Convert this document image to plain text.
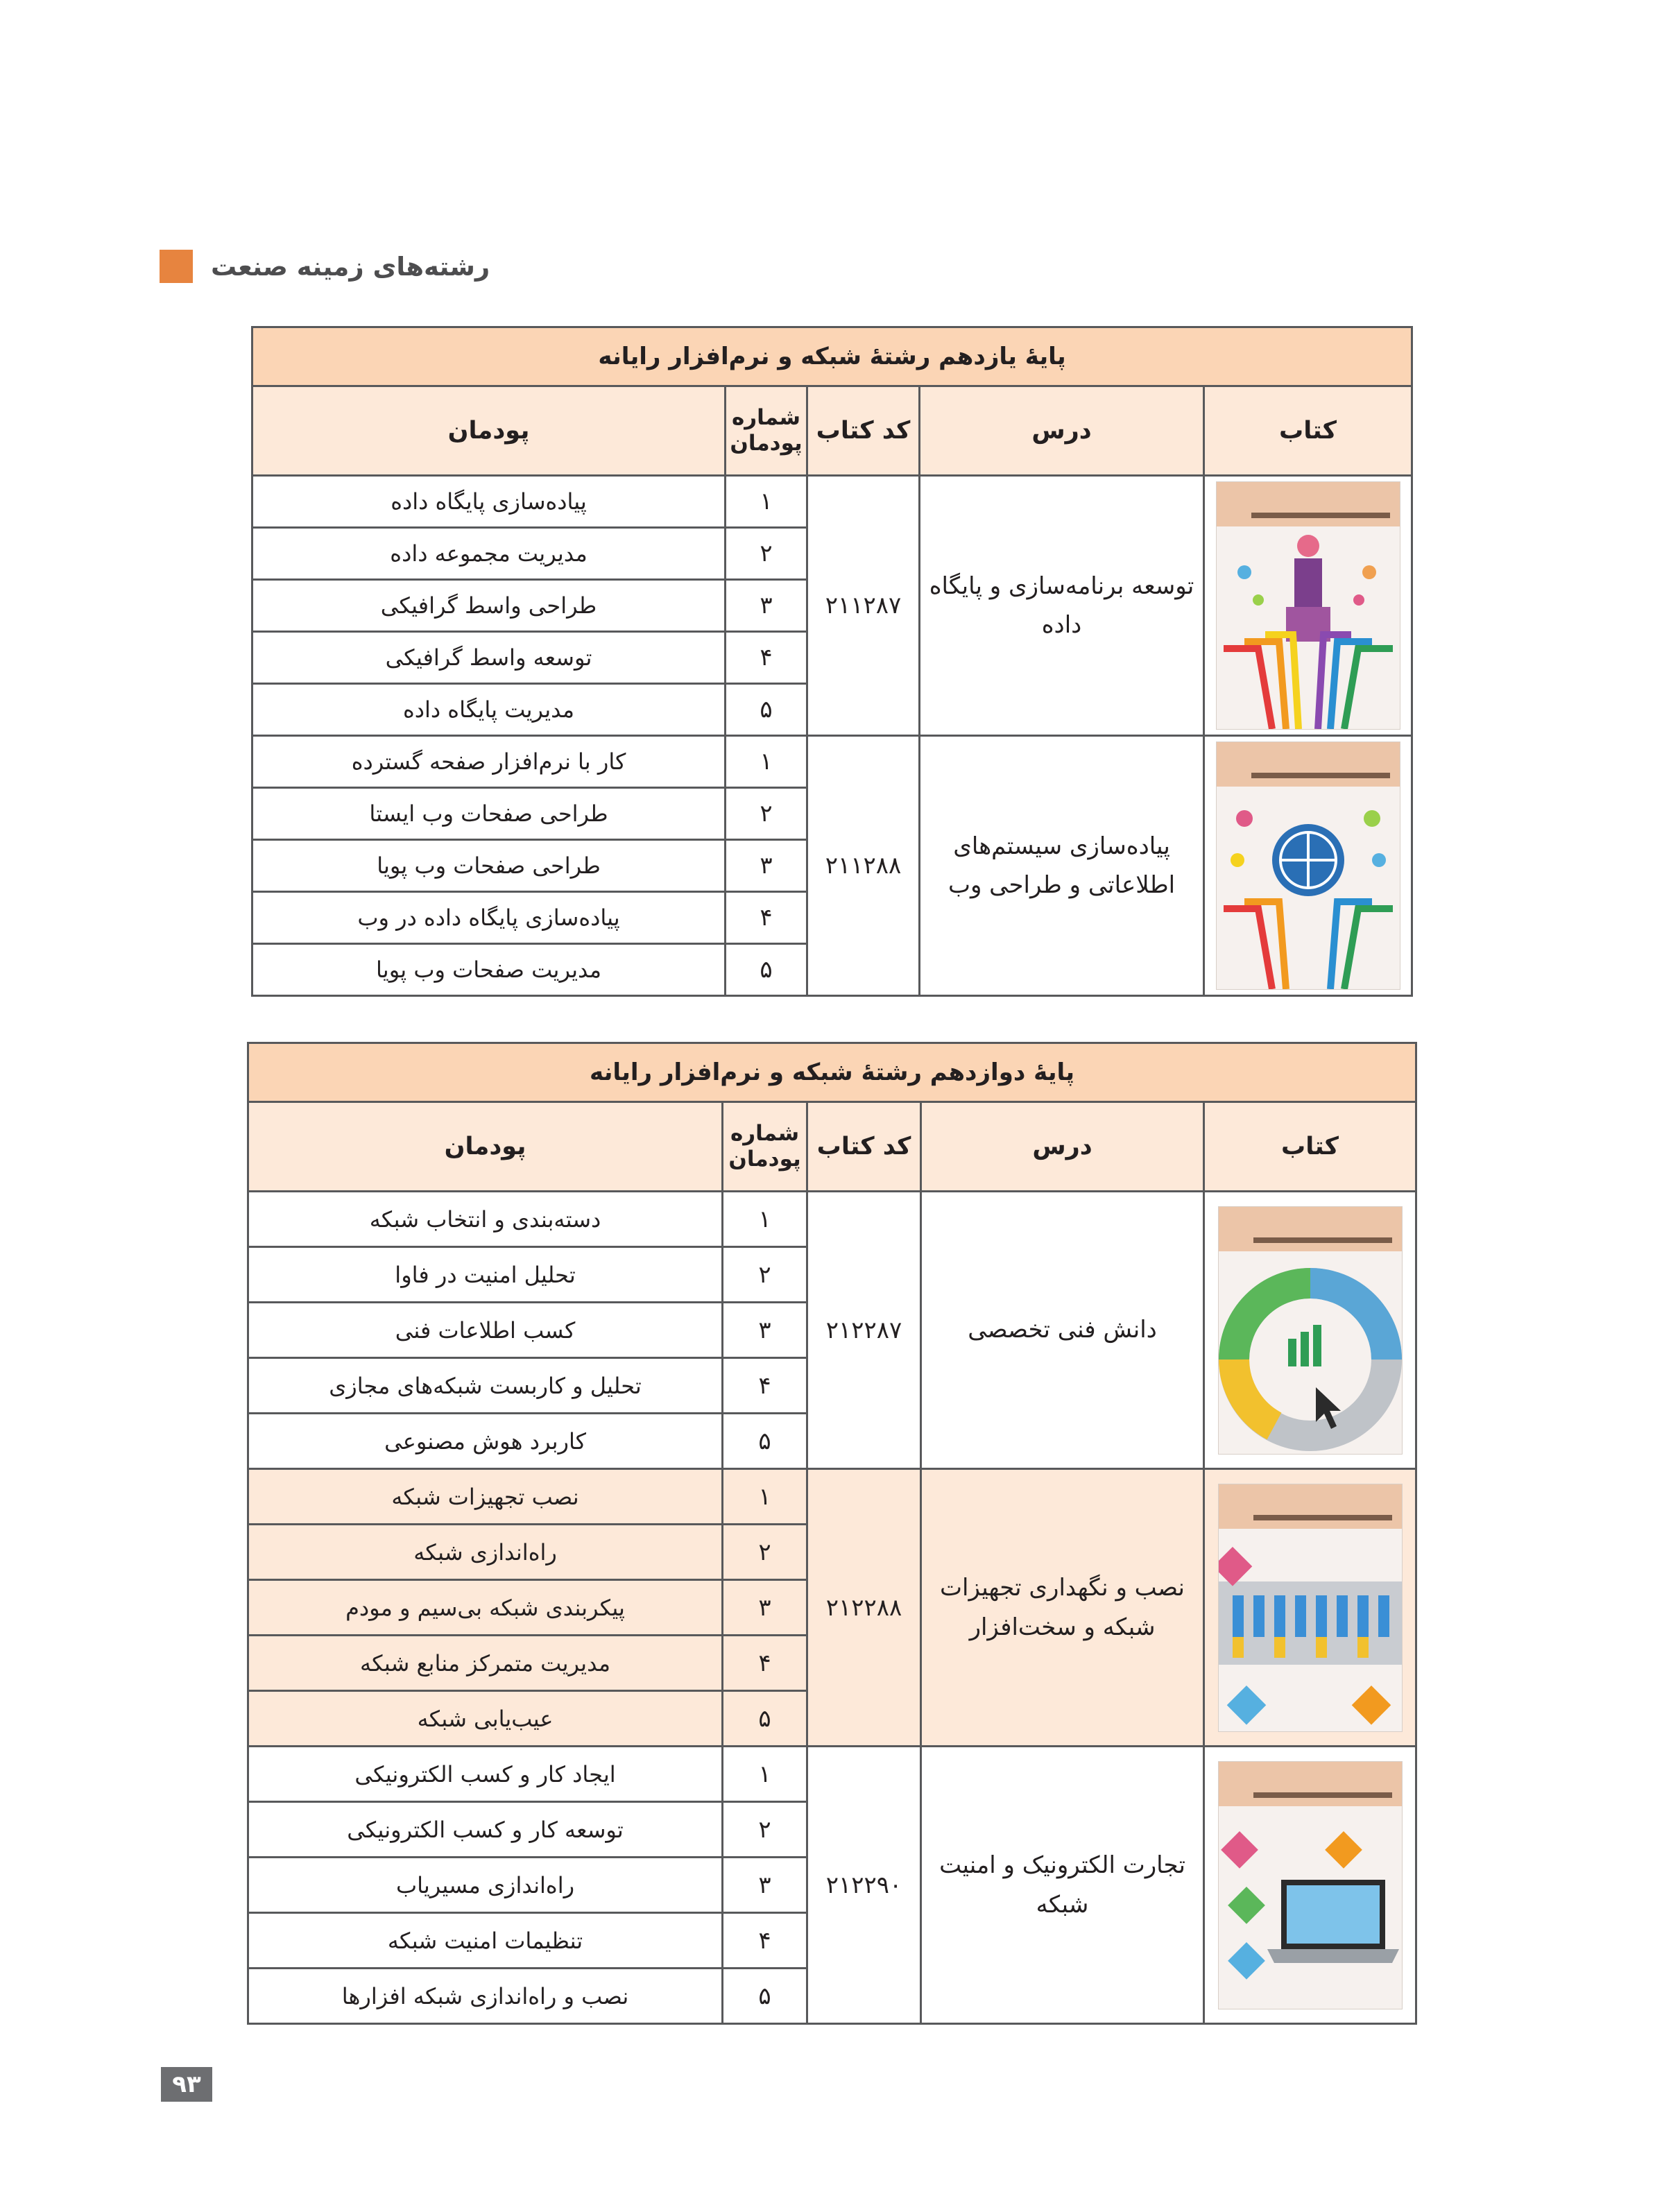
رشته‌های زمینه صنعت
پایهٔ یازدهم رشتهٔ شبکه و نرم‌افزار رایانه				
کتاب	درس	کد کتاب	شماره پودمان	پودمان

	توسعه برنامه‌سازی و پایگاه داده	۲۱۱۲۸۷	۱	پیاده‌سازی پایگاه داده
			۲	مدیریت مجموعه داده
			۳	طراحی واسط گرافیکی
			۴	توسعه واسط گرافیکی
			۵	مدیریت پایگاه داده

	پیاده‌سازی سیستم‌های اطلاعاتی و طراحی وب	۲۱۱۲۸۸	۱	کار با نرم‌افزار صفحه گسترده
			۲	طراحی صفحات وب ایستا
			۳	طراحی صفحات وب پویا
			۴	پیاده‌سازی پایگاه داده در وب
			۵	مدیریت صفحات وب پویا
پایهٔ دوازدهم رشتهٔ شبکه و نرم‌افزار رایانه				
کتاب	درس	کد کتاب	شماره پودمان	پودمان

	دانش فنی تخصصی	۲۱۲۲۸۷	۱	دسته‌بندی و انتخاب شبکه
			۲	تحلیل امنیت در فاوا
			۳	کسب اطلاعات فنی
			۴	تحلیل و کاربست شبکه‌های مجازی
			۵	کاربرد هوش مصنوعی

	نصب و نگهداری تجهیزات شبکه و سخت‌افزار	۲۱۲۲۸۸	۱	نصب تجهیزات شبکه
			۲	راه‌اندازی شبکه
			۳	پیکربندی شبکه بی‌سیم و مودم
			۴	مدیریت متمرکز منابع شبکه
			۵	عیب‌یابی شبکه

	تجارت الکترونیک و امنیت شبکه	۲۱۲۲۹۰	۱	ایجاد کار و کسب الکترونیکی
			۲	توسعه کار و کسب الکترونیکی
			۳	راه‌اندازی مسیریاب
			۴	تنظیمات امنیت شبکه
			۵	نصب و راه‌اندازی شبکه افزارها
۹۳
